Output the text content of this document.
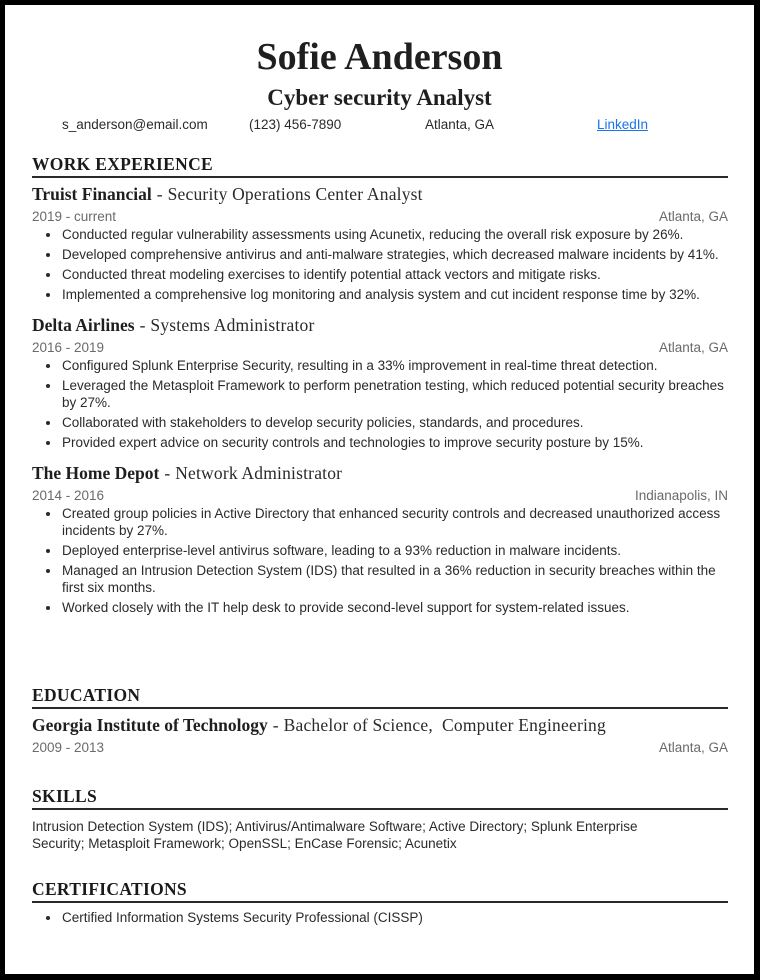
Sofie Anderson
Cyber security Analyst
s_anderson@email.com	(123) 456-7890	Atlanta, GA	LinkedIn
WORK EXPERIENCE
Truist Financial - Security Operations Center Analyst
2019 - current	Atlanta, GA
Conducted regular vulnerability assessments using Acunetix, reducing the overall risk exposure by 26%.
Developed comprehensive antivirus and anti-malware strategies, which decreased malware incidents by 41%.
Conducted threat modeling exercises to identify potential attack vectors and mitigate risks.
Implemented a comprehensive log monitoring and analysis system and cut incident response time by 32%.
Delta Airlines - Systems Administrator
2016 - 2019	Atlanta, GA
Configured Splunk Enterprise Security, resulting in a 33% improvement in real-time threat detection.
Leveraged the Metasploit Framework to perform penetration testing, which reduced potential security breaches by 27%.
Collaborated with stakeholders to develop security policies, standards, and procedures.
Provided expert advice on security controls and technologies to improve security posture by 15%.
The Home Depot - Network Administrator
2014 - 2016	Indianapolis, IN
Created group policies in Active Directory that enhanced security controls and decreased unauthorized access incidents by 27%.
Deployed enterprise-level antivirus software, leading to a 93% reduction in malware incidents.
Managed an Intrusion Detection System (IDS) that resulted in a 36% reduction in security breaches within the first six months.
Worked closely with the IT help desk to provide second-level support for system-related issues.
EDUCATION
Georgia Institute of Technology - Bachelor of Science,  Computer Engineering
2009 - 2013	Atlanta, GA
SKILLS
Intrusion Detection System (IDS); Antivirus/Antimalware Software; Active Directory; Splunk Enterprise Security; Metasploit Framework; OpenSSL; EnCase Forensic; Acunetix
CERTIFICATIONS
Certified Information Systems Security Professional (CISSP)
